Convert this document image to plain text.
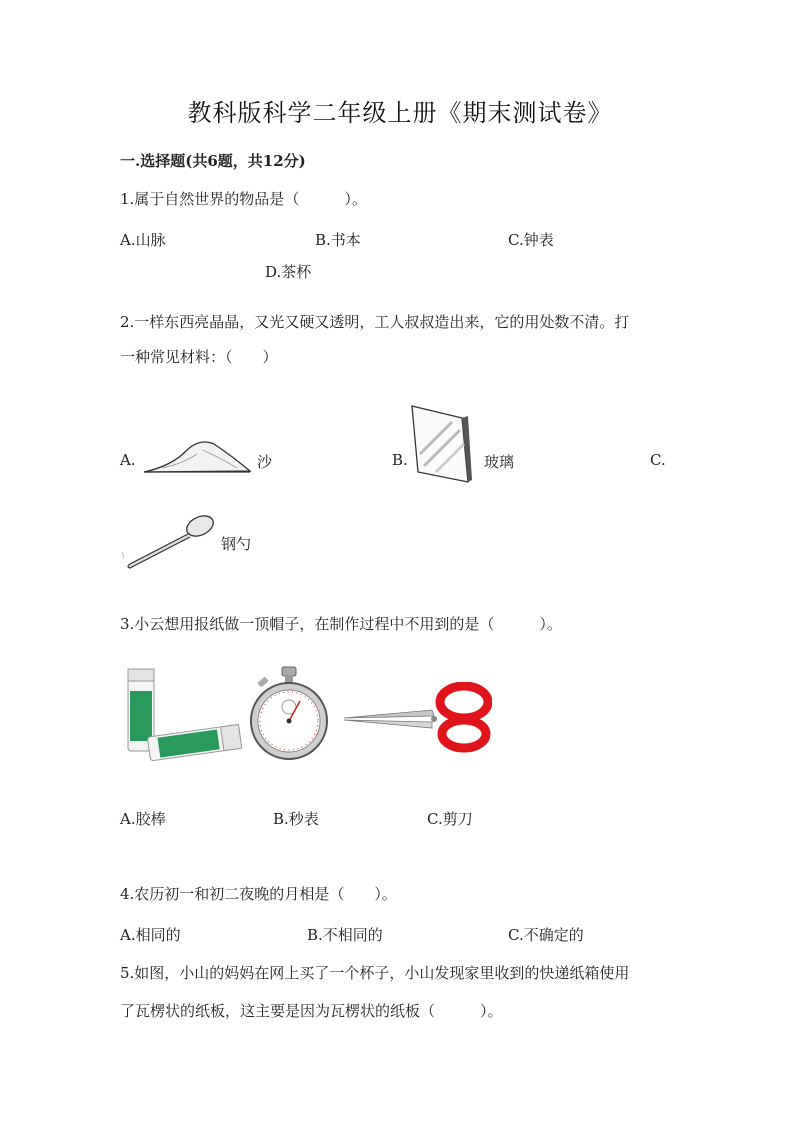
教科版科学二年级上册《期末测试卷》
一.选择题(共6题，共12分)
1.属于自然世界的物品是（　　　）。
A.山脉	B.书本	C.钟表
D.茶杯
2.一样东西亮晶晶，又光又硬又透明，工人叔叔造出来，它的用处数不清。打
一种常见材料：（　　）
A.	沙	B.	玻璃	C.
钢勺
3.小云想用报纸做一顶帽子，在制作过程中不用到的是（　　　）。
A.胶棒	B.秒表	C.剪刀
4.农历初一和初二夜晚的月相是（　　）。
A.相同的	B.不相同的	C.不确定的
5.如图，小山的妈妈在网上买了一个杯子，小山发现家里收到的快递纸箱使用
了瓦楞状的纸板，这主要是因为瓦楞状的纸板（　　　）。
